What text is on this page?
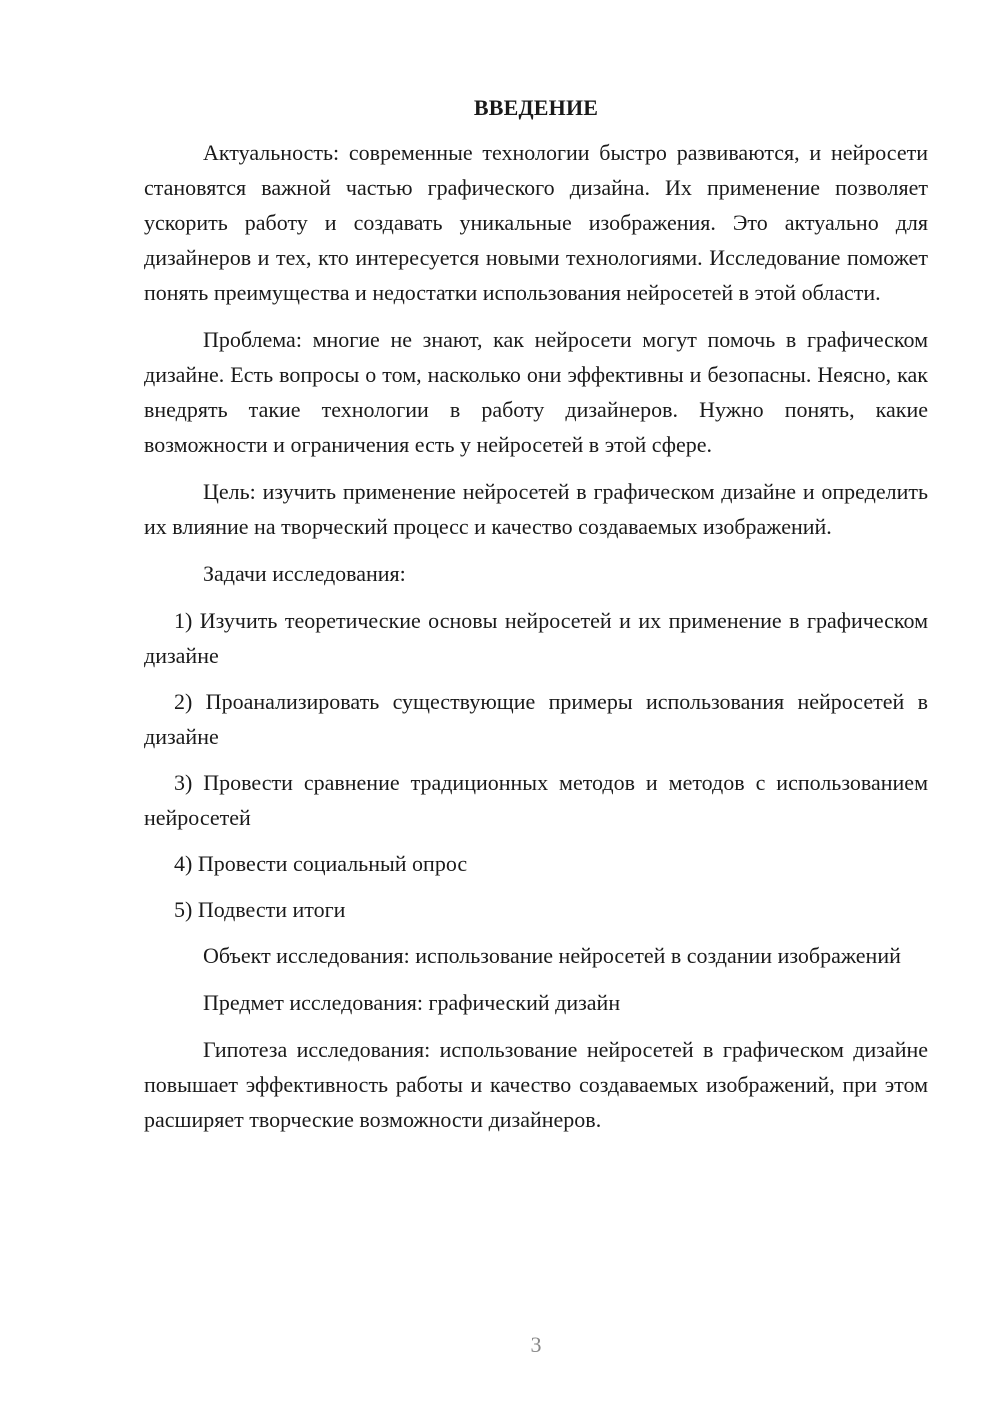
ВВЕДЕНИЕ

Актуальность: современные технологии быстро развиваются, и нейросети становятся важной частью графического дизайна. Их применение позволяет ускорить работу и создавать уникальные изображения. Это актуально для дизайнеров и тех, кто интересуется новыми технологиями. Исследование поможет понять преимущества и недостатки использования нейросетей в этой области.

Проблема: многие не знают, как нейросети могут помочь в графическом дизайне. Есть вопросы о том, насколько они эффективны и безопасны. Неясно, как внедрять такие технологии в работу дизайнеров. Нужно понять, какие возможности и ограничения есть у нейросетей в этой сфере.

Цель: изучить применение нейросетей в графическом дизайне и определить их влияние на творческий процесс и качество создаваемых изображений.

Задачи исследования:

1) Изучить теоретические основы нейросетей и их применение в графическом дизайне

2) Проанализировать существующие примеры использования нейросетей в дизайне

3) Провести сравнение традиционных методов и методов с использованием нейросетей

4) Провести социальный опрос

5) Подвести итоги

Объект исследования: использование нейросетей в создании изображений

Предмет исследования: графический дизайн

Гипотеза исследования: использование нейросетей в графическом дизайне повышает эффективность работы и качество создаваемых изображений, при этом расширяет творческие возможности дизайнеров.

3
